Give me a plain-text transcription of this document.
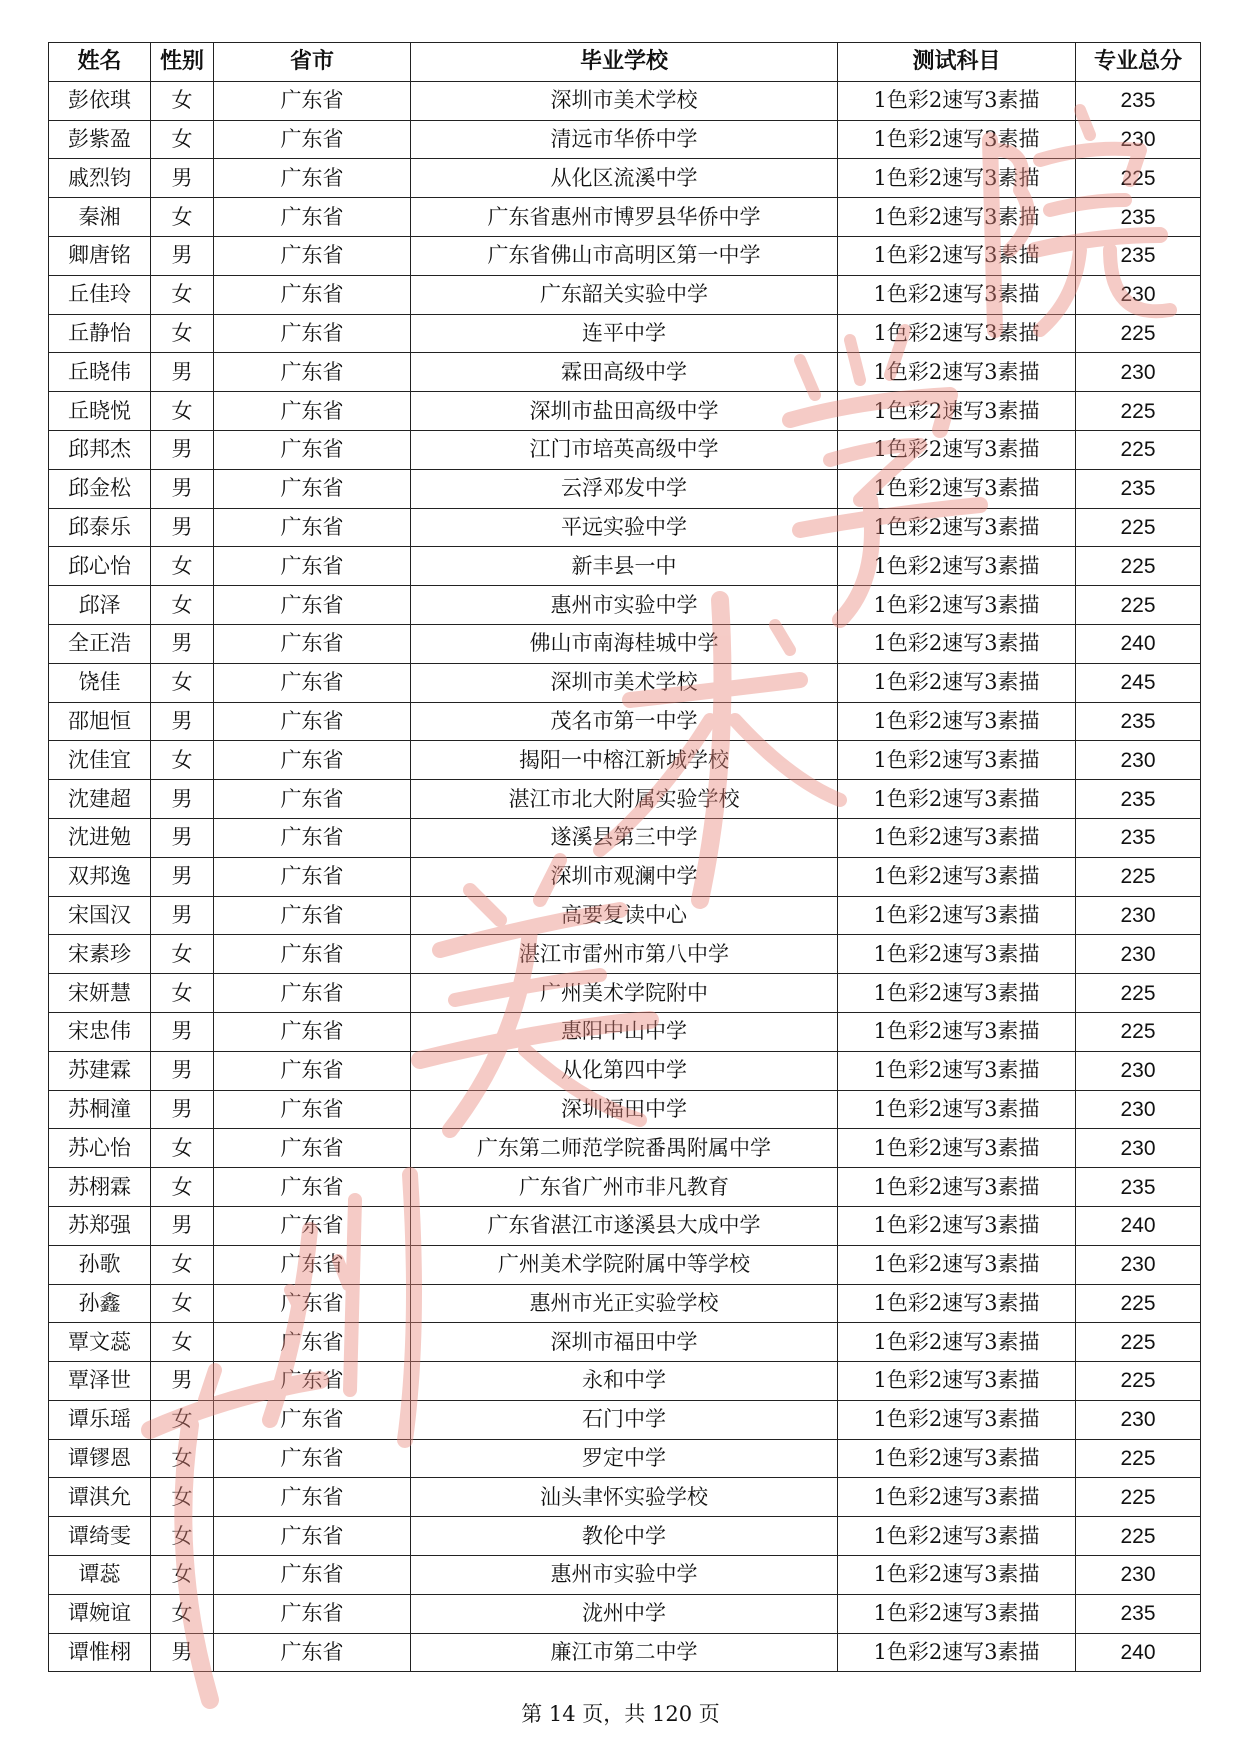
姓名	性别	省市	毕业学校	测试科目	专业总分
彭依琪	女	广东省	深圳市美术学校	1色彩2速写3素描	235
彭紫盈	女	广东省	清远市华侨中学	1色彩2速写3素描	230
戚烈钧	男	广东省	从化区流溪中学	1色彩2速写3素描	225
秦湘	女	广东省	广东省惠州市博罗县华侨中学	1色彩2速写3素描	235
卿唐铭	男	广东省	广东省佛山市高明区第一中学	1色彩2速写3素描	235
丘佳玲	女	广东省	广东韶关实验中学	1色彩2速写3素描	230
丘静怡	女	广东省	连平中学	1色彩2速写3素描	225
丘晓伟	男	广东省	霖田高级中学	1色彩2速写3素描	230
丘晓悦	女	广东省	深圳市盐田高级中学	1色彩2速写3素描	225
邱邦杰	男	广东省	江门市培英高级中学	1色彩2速写3素描	225
邱金松	男	广东省	云浮邓发中学	1色彩2速写3素描	235
邱泰乐	男	广东省	平远实验中学	1色彩2速写3素描	225
邱心怡	女	广东省	新丰县一中	1色彩2速写3素描	225
邱泽	女	广东省	惠州市实验中学	1色彩2速写3素描	225
全正浩	男	广东省	佛山市南海桂城中学	1色彩2速写3素描	240
饶佳	女	广东省	深圳市美术学校	1色彩2速写3素描	245
邵旭恒	男	广东省	茂名市第一中学	1色彩2速写3素描	235
沈佳宜	女	广东省	揭阳一中榕江新城学校	1色彩2速写3素描	230
沈建超	男	广东省	湛江市北大附属实验学校	1色彩2速写3素描	235
沈进勉	男	广东省	遂溪县第三中学	1色彩2速写3素描	235
双邦逸	男	广东省	深圳市观澜中学	1色彩2速写3素描	225
宋国汉	男	广东省	高要复读中心	1色彩2速写3素描	230
宋素珍	女	广东省	湛江市雷州市第八中学	1色彩2速写3素描	230
宋妍慧	女	广东省	广州美术学院附中	1色彩2速写3素描	225
宋忠伟	男	广东省	惠阳中山中学	1色彩2速写3素描	225
苏建霖	男	广东省	从化第四中学	1色彩2速写3素描	230
苏桐潼	男	广东省	深圳福田中学	1色彩2速写3素描	230
苏心怡	女	广东省	广东第二师范学院番禺附属中学	1色彩2速写3素描	230
苏栩霖	女	广东省	广东省广州市非凡教育	1色彩2速写3素描	235
苏郑强	男	广东省	广东省湛江市遂溪县大成中学	1色彩2速写3素描	240
孙歌	女	广东省	广州美术学院附属中等学校	1色彩2速写3素描	230
孙鑫	女	广东省	惠州市光正实验学校	1色彩2速写3素描	225
覃文蕊	女	广东省	深圳市福田中学	1色彩2速写3素描	225
覃泽世	男	广东省	永和中学	1色彩2速写3素描	225
谭乐瑶	女	广东省	石门中学	1色彩2速写3素描	230
谭镠恩	女	广东省	罗定中学	1色彩2速写3素描	225
谭淇允	女	广东省	汕头聿怀实验学校	1色彩2速写3素描	225
谭绮雯	女	广东省	教伦中学	1色彩2速写3素描	225
谭蕊	女	广东省	惠州市实验中学	1色彩2速写3素描	230
谭婉谊	女	广东省	泷州中学	1色彩2速写3素描	235
谭惟栩	男	广东省	廉江市第二中学	1色彩2速写3素描	240
第 14 页，共 120 页
